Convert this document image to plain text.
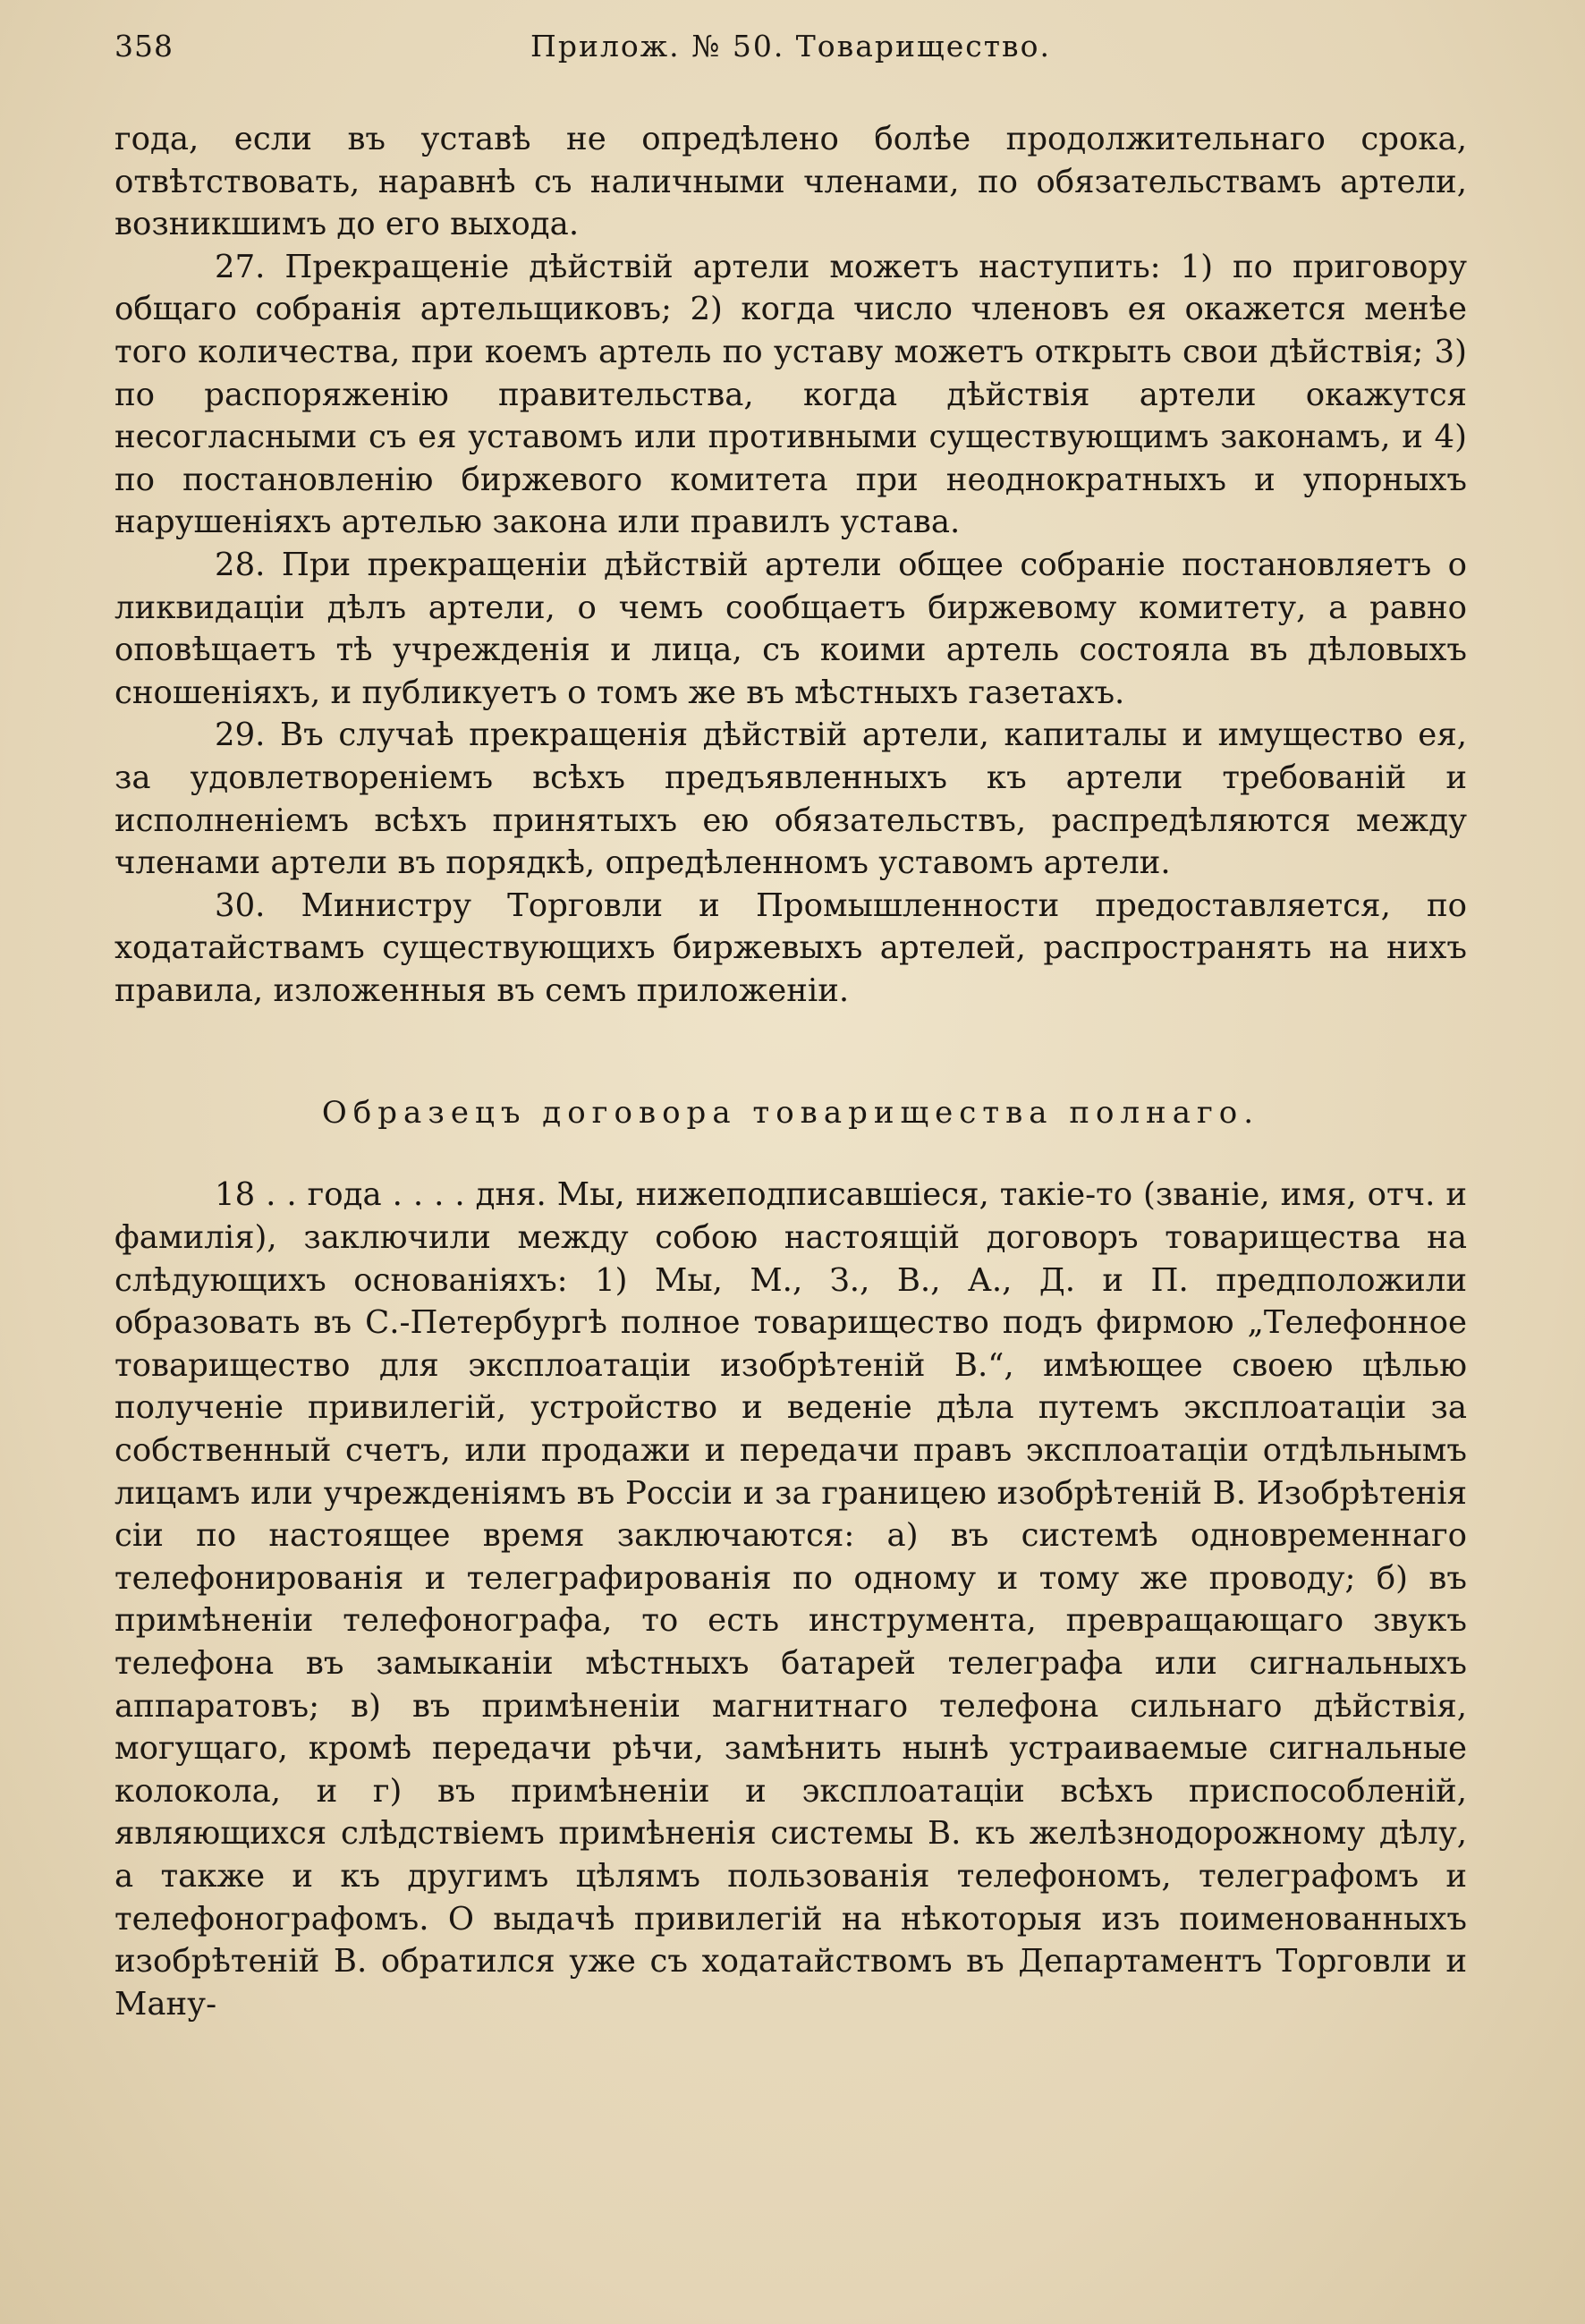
358	Прилож. № 50. Товарищество.

года, если въ уставѣ не опредѣлено болѣе продолжительнаго срока, отвѣтствовать, наравнѣ съ наличными членами, по обязательствамъ артели, возникшимъ до его выхода.

27. Прекращеніе дѣйствій артели можетъ наступить: 1) по приговору общаго собранія артельщиковъ; 2) когда число членовъ ея окажется менѣе того количества, при коемъ артель по уставу можетъ открыть свои дѣйствія; 3) по распоряженію правительства, когда дѣйствія артели окажутся несогласными съ ея уставомъ или противными существующимъ законамъ, и 4) по постановленію биржевого комитета при неоднократныхъ и упорныхъ нарушеніяхъ артелью закона или правилъ устава.

28. При прекращеніи дѣйствій артели общее собраніе постановляетъ о ликвидаціи дѣлъ артели, о чемъ сообщаетъ биржевому комитету, а равно оповѣщаетъ тѣ учрежденія и лица, съ коими артель состояла въ дѣловыхъ сношеніяхъ, и публикуетъ о томъ же въ мѣстныхъ газетахъ.

29. Въ случаѣ прекращенія дѣйствій артели, капиталы и имущество ея, за удовлетвореніемъ всѣхъ предъявленныхъ къ артели требованій и исполненіемъ всѣхъ принятыхъ ею обязательствъ, распредѣляются между членами артели въ порядкѣ, опредѣленномъ уставомъ артели.

30. Министру Торговли и Промышленности предоставляется, по ходатайствамъ существующихъ биржевыхъ артелей, распространять на нихъ правила, изложенныя въ семъ приложеніи.

Образецъ договора товарищества полнаго.

18 . . года . . . . дня. Мы, нижеподписавшіеся, такіе-то (званіе, имя, отч. и фамилія), заключили между собою настоящій договоръ товарищества на слѣдующихъ основаніяхъ: 1) Мы, М., З., В., А., Д. и П. предположили образовать въ С.-Петербургѣ полное товарищество подъ фирмою „Телефонное товарищество для эксплоатаціи изобрѣтеній В.“, имѣющее своею цѣлью полученіе привилегій, устройство и веденіе дѣла путемъ эксплоатаціи за собственный счетъ, или продажи и передачи правъ эксплоатаціи отдѣльнымъ лицамъ или учрежденіямъ въ Россіи и за границею изобрѣтеній В. Изобрѣтенія сіи по настоящее время заключаются: а) въ системѣ одновременнаго телефонированія и телеграфированія по одному и тому же проводу; б) въ примѣненіи телефонографа, то есть инструмента, превращающаго звукъ телефона въ замыканіи мѣстныхъ батарей телеграфа или сигнальныхъ аппаратовъ; в) въ примѣненіи магнитнаго телефона сильнаго дѣйствія, могущаго, кромѣ передачи рѣчи, замѣнить нынѣ устраиваемые сигнальные колокола, и г) въ примѣненіи и эксплоатаціи всѣхъ приспособленій, являющихся слѣдствіемъ примѣненія системы В. къ желѣзнодорожному дѣлу, а также и къ другимъ цѣлямъ пользованія телефономъ, телеграфомъ и телефонографомъ. О выдачѣ привилегій на нѣкоторыя изъ поименованныхъ изобрѣтеній В. обратился уже съ ходатайствомъ въ Департаментъ Торговли и Ману-
